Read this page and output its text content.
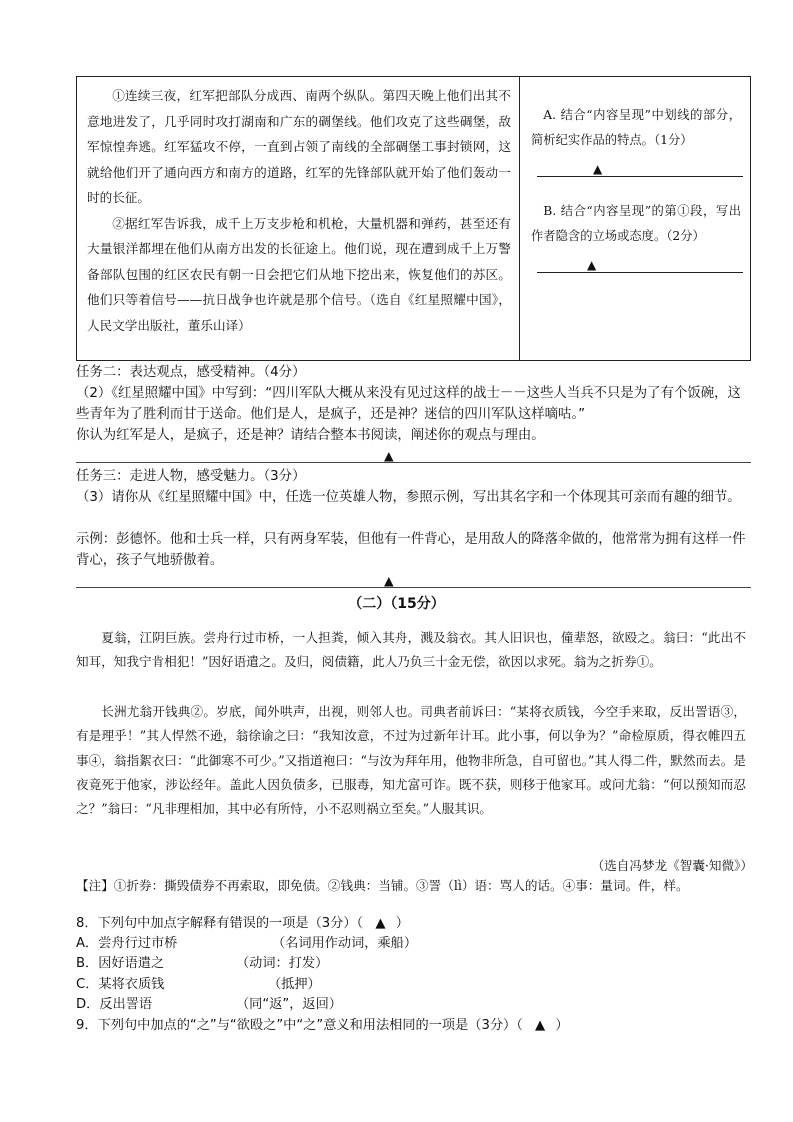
①连续三夜，红军把部队分成西、南两个纵队。第四天晚上他们出其不意地进发了，几乎同时攻打湖南和广东的碉堡线。他们攻克了这些碉堡，敌军惊惶奔逃。红军猛攻不停，一直到占领了南线的全部碉堡工事封锁网，这就给他们开了通向西方和南方的道路，红军的先锋部队就开始了他们轰动一时的长征。

②据红军告诉我，成千上万支步枪和机枪，大量机器和弹药，甚至还有大量银洋都埋在他们从南方出发的长征途上。他们说，现在遭到成千上万警备部队包围的红区农民有朝一日会把它们从地下挖出来，恢复他们的苏区。他们只等着信号——抗日战争也许就是那个信号。（选自《红星照耀中国》，人民文学出版社，董乐山译）

A. 结合“内容呈现”中划线的部分，简析纪实作品的特点。（1分）

▲

B. 结合“内容呈现”的第①段，写出作者隐含的立场或态度。（2分）

▲

任务二：表达观点，感受精神。（4分）

（2）《红星照耀中国》中写到：“四川军队大概从来没有见过这样的战士－－这些人当兵不只是为了有个饭碗，这些青年为了胜利而甘于送命。他们是人，是疯子，还是神？迷信的四川军队这样嘀咕。”

你认为红军是人，是疯子，还是神？请结合整本书阅读，阐述你的观点与理由。

▲

任务三：走进人物，感受魅力。（3分）

（3）请你从《红星照耀中国》中，任选一位英雄人物，参照示例，写出其名字和一个体现其可亲而有趣的细节。

示例：彭德怀。他和士兵一样，只有两身军装，但他有一件背心，是用敌人的降落伞做的，他常常为拥有这样一件背心，孩子气地骄傲着。

▲
（二）（15分）

夏翁，江阴巨族。尝舟行过市桥，一人担粪，倾入其舟，溅及翁衣。其人旧识也，僮辈怒，欲殴之。翁曰：“此出不知耳，知我宁肯相犯！”因好语遣之。及归，阅债籍，此人乃负三十金无偿，欲因以求死。翁为之折券①。

长洲尤翁开钱典②。岁底，闻外哄声，出视，则邻人也。司典者前诉曰：“某将衣质钱，今空手来取，反出詈语③，有是理乎！”其人悍然不逊，翁徐谕之曰：“我知汝意，不过为过新年计耳。此小事，何以争为？”命检原质，得衣帷四五事④，翁指絮衣曰：“此御寒不可少。”又指道袍曰：“与汝为拜年用，他物非所急，自可留也。”其人得二件，默然而去。是夜竟死于他家，涉讼经年。盖此人因负债多，已服毒，知尤富可诈。既不获，则移于他家耳。或问尤翁：“何以预知而忍之？”翁曰：“凡非理相加，其中必有所恃，小不忍则祸立至矣。”人服其识。

（选自冯梦龙《智囊·知微》）

【注】①折券：撕毁债券不再索取，即免债。②钱典：当铺。③詈（lì）语：骂人的话。④事：量词。件，样。

8．下列句中加点字解释有错误的一项是（3分）（ ▲ ）

A．尝舟行过市桥	（名词用作动词，乘船）

B．因好语遣之	（动词：打发）

C．某将衣质钱	（抵押）

D．反出詈语	（同“返”，返回）

9．下列句中加点的“之”与“欲殴之”中“之”意义和用法相同的一项是（3分）（ ▲ ）
